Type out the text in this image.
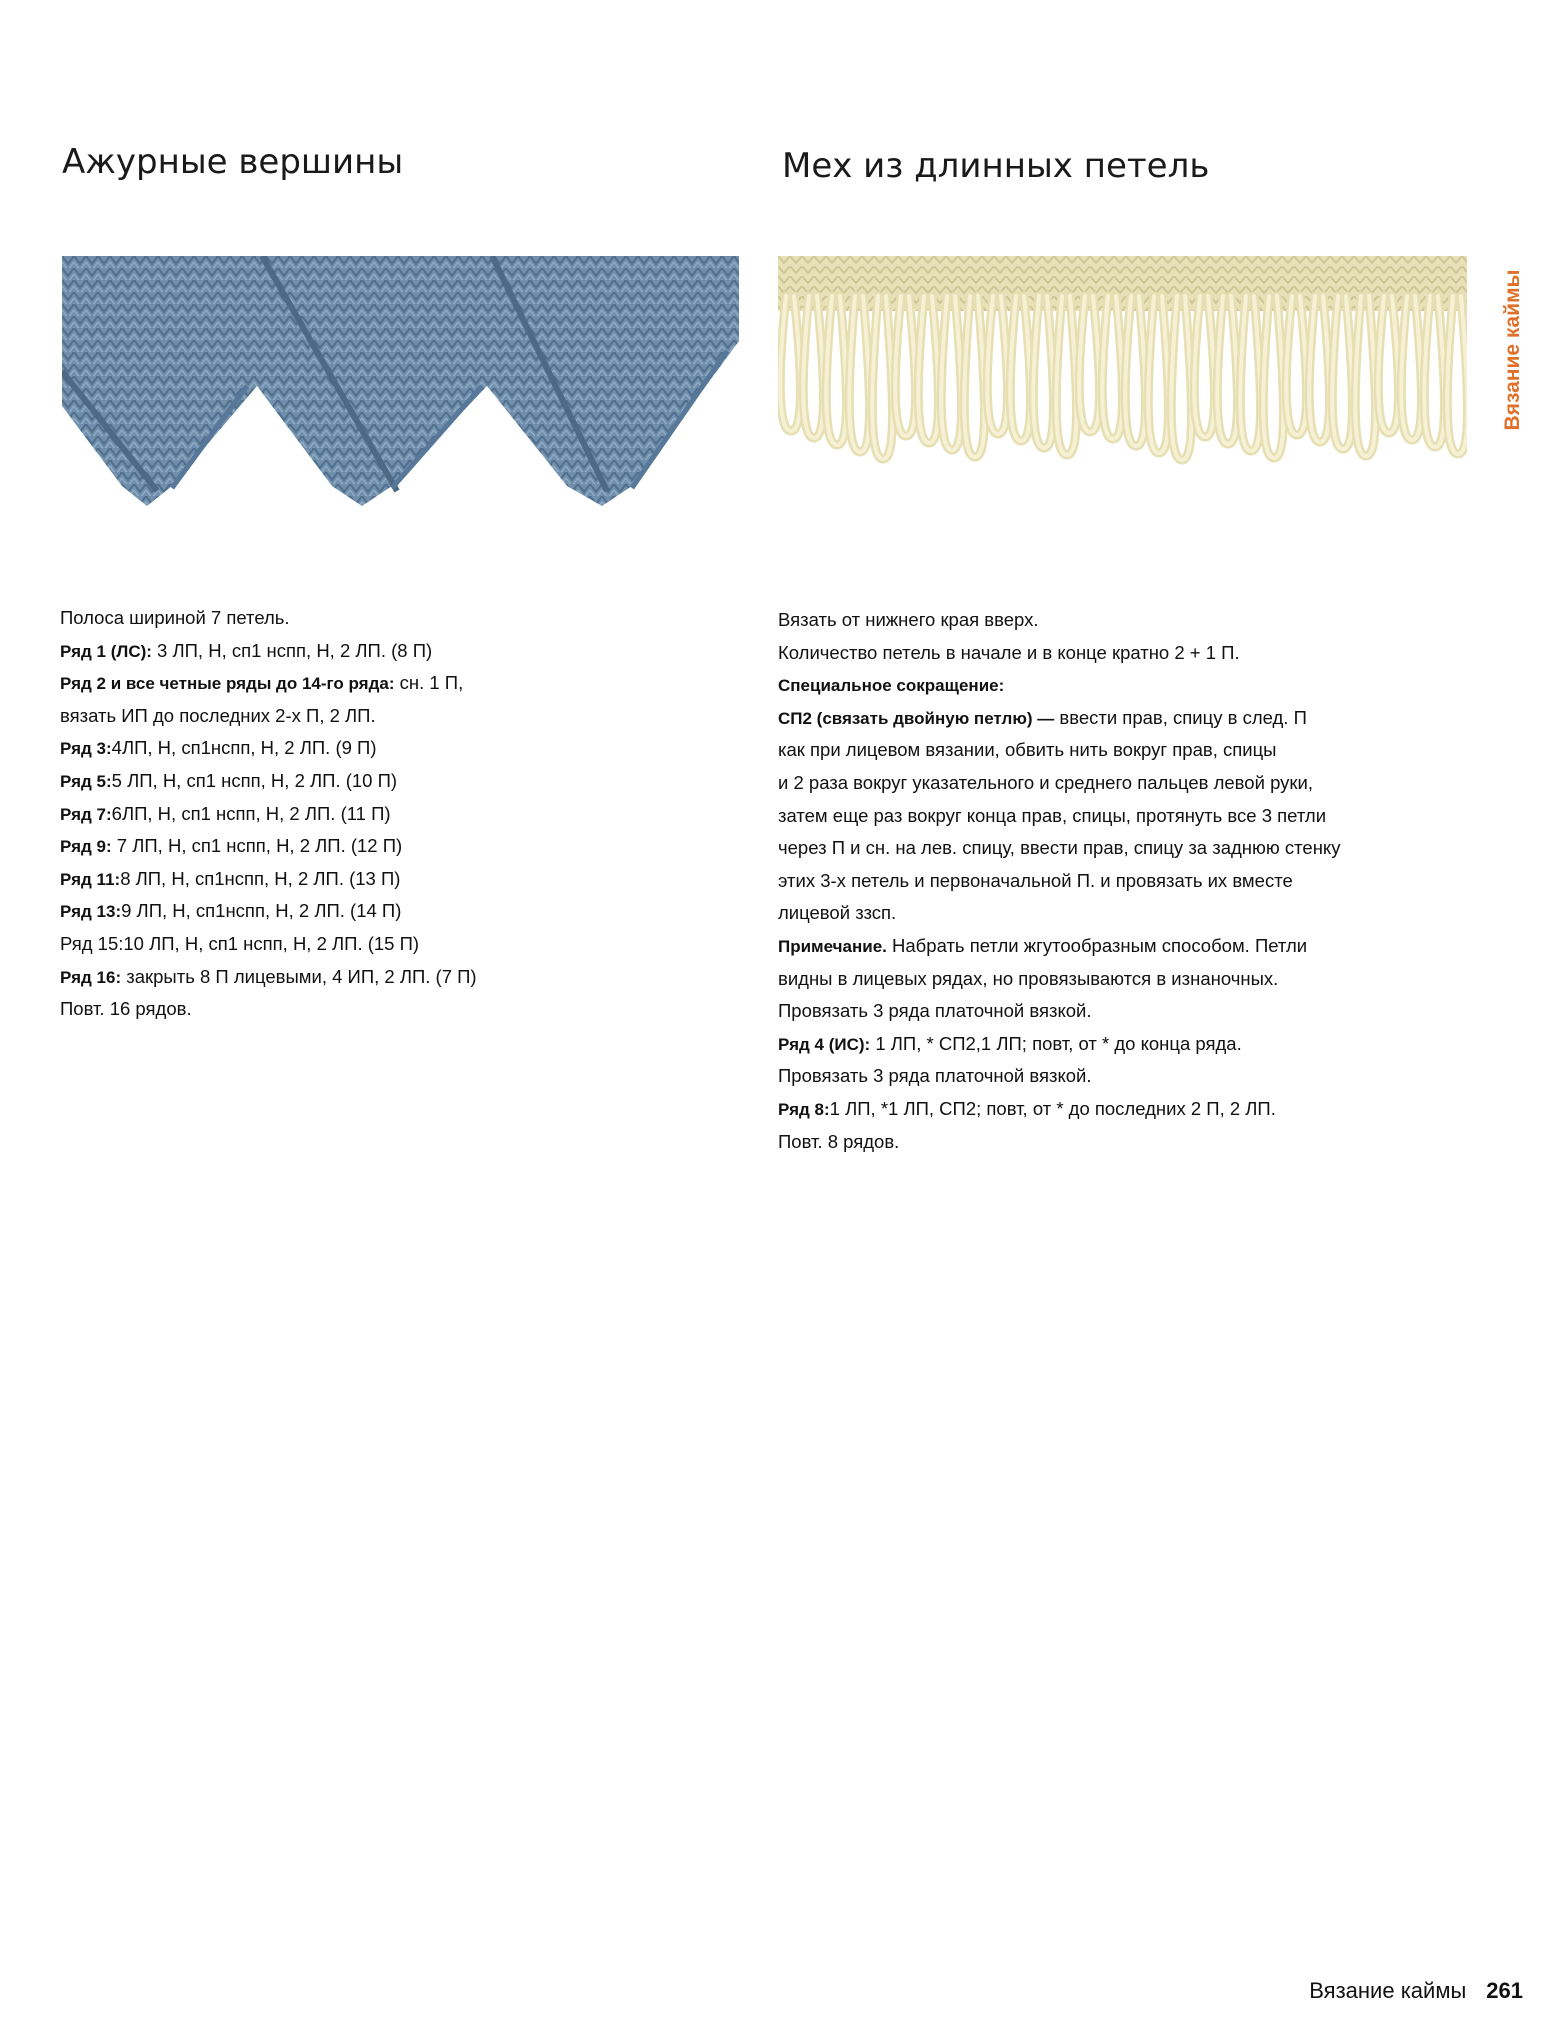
Ажурные вершины
Полоса шириной 7 петель.
Ряд 1 (ЛС): 3 ЛП, Н, сп1 нспп, Н, 2 ЛП. (8 П)
Ряд 2 и все четные ряды до 14-го ряда: сн. 1 П,
вязать ИП до последних 2-х П, 2 ЛП.
Ряд 3:4ЛП, Н, сп1нспп, Н, 2 ЛП. (9 П)
Ряд 5:5 ЛП, Н, сп1 нспп, Н, 2 ЛП. (10 П)
Ряд 7:6ЛП, Н, сп1 нспп, Н, 2 ЛП. (11 П)
Ряд 9: 7 ЛП, Н, сп1 нспп, Н, 2 ЛП. (12 П)
Ряд 11:8 ЛП, Н, сп1нспп, Н, 2 ЛП. (13 П)
Ряд 13:9 ЛП, Н, сп1нспп, Н, 2 ЛП. (14 П)
Ряд 15:10 ЛП, Н, сп1 нспп, Н, 2 ЛП. (15 П)
Ряд 16: закрыть 8 П лицевыми, 4 ИП, 2 ЛП. (7 П)
Повт. 16 рядов.
Мех из длинных петель
Вязать от нижнего края вверх.
Количество петель в начале и в конце кратно 2 + 1 П.
Специальное сокращение:
СП2 (связать двойную петлю) — ввести прав, спицу в след. П
как при лицевом вязании, обвить нить вокруг прав, спицы
и 2 раза вокруг указательного и среднего пальцев левой руки,
затем еще раз вокруг конца прав, спицы, протянуть все 3 петли
через П и сн. на лев. спицу, ввести прав, спицу за заднюю стенку
этих 3-х петель и первоначальной П. и провязать их вместе
лицевой ззсп.
Примечание. Набрать петли жгутообразным способом. Петли
видны в лицевых рядах, но провязываются в изнаночных.
Провязать 3 ряда платочной вязкой.
Ряд 4 (ИС): 1 ЛП, * СП2,1 ЛП; повт, от * до конца ряда.
Провязать 3 ряда платочной вязкой.
Ряд 8:1 ЛП, *1 ЛП, СП2; повт, от * до последних 2 П, 2 ЛП.
Повт. 8 рядов.
Вязание каймы
Вязание каймы 261
